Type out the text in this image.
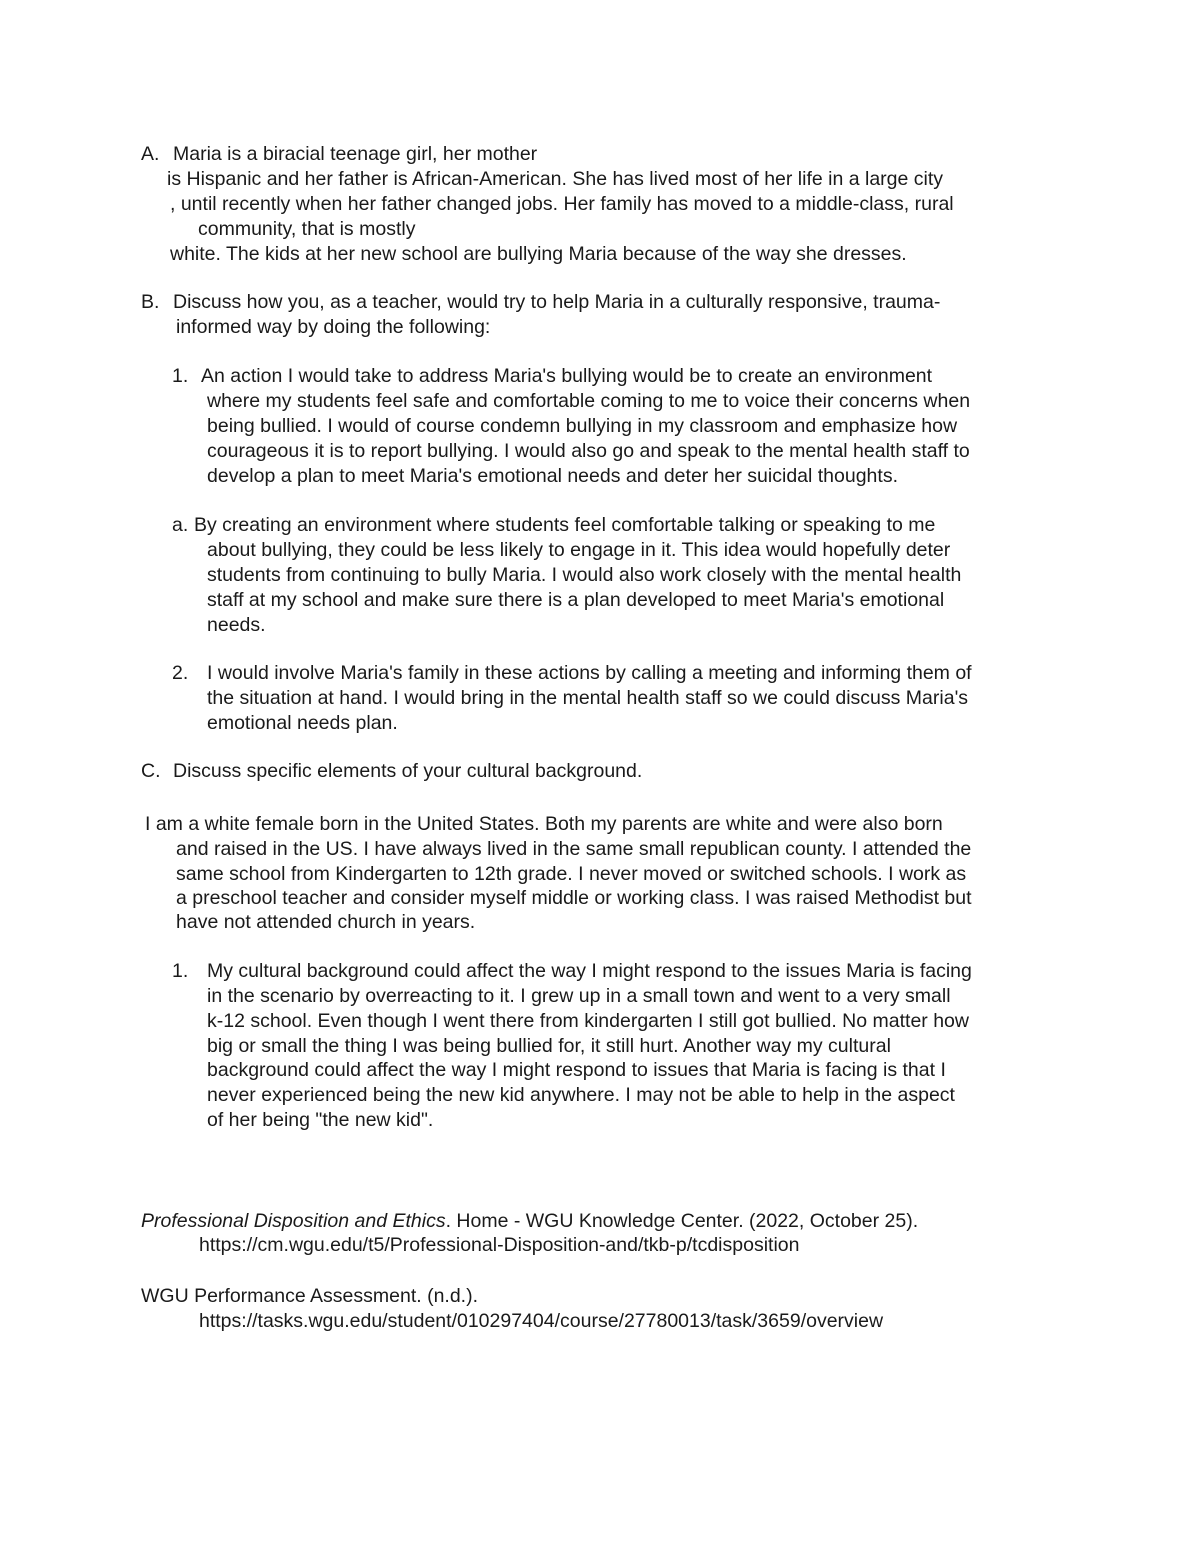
A. Maria is a biracial teenage girl, her mother
is Hispanic and her father is African-American. She has lived most of her life in a large city
, until recently when her father changed jobs. Her family has moved to a middle-class, rural
community, that is mostly
white. The kids at her new school are bullying Maria because of the way she dresses.
B. Discuss how you, as a teacher, would try to help Maria in a culturally responsive, trauma-
informed way by doing the following:
1. An action I would take to address Maria's bullying would be to create an environment
where my students feel safe and comfortable coming to me to voice their concerns when
being bullied. I would of course condemn bullying in my classroom and emphasize how
courageous it is to report bullying. I would also go and speak to the mental health staff to
develop a plan to meet Maria's emotional needs and deter her suicidal thoughts.
a. By creating an environment where students feel comfortable talking or speaking to me
about bullying, they could be less likely to engage in it. This idea would hopefully deter
students from continuing to bully Maria. I would also work closely with the mental health
staff at my school and make sure there is a plan developed to meet Maria's emotional
needs.
2. I would involve Maria's family in these actions by calling a meeting and informing them of
the situation at hand. I would bring in the mental health staff so we could discuss Maria's
emotional needs plan.
C. Discuss specific elements of your cultural background.
I am a white female born in the United States. Both my parents are white and were also born
and raised in the US. I have always lived in the same small republican county. I attended the
same school from Kindergarten to 12th grade. I never moved or switched schools. I work as
a preschool teacher and consider myself middle or working class. I was raised Methodist but
have not attended church in years.
1. My cultural background could affect the way I might respond to the issues Maria is facing
in the scenario by overreacting to it. I grew up in a small town and went to a very small
k-12 school. Even though I went there from kindergarten I still got bullied. No matter how
big or small the thing I was being bullied for, it still hurt. Another way my cultural
background could affect the way I might respond to issues that Maria is facing is that I
never experienced being the new kid anywhere. I may not be able to help in the aspect
of her being "the new kid".
Professional Disposition and Ethics. Home - WGU Knowledge Center. (2022, October 25).
https://cm.wgu.edu/t5/Professional-Disposition-and/tkb-p/tcdisposition
WGU Performance Assessment. (n.d.).
https://tasks.wgu.edu/student/010297404/course/27780013/task/3659/overview
